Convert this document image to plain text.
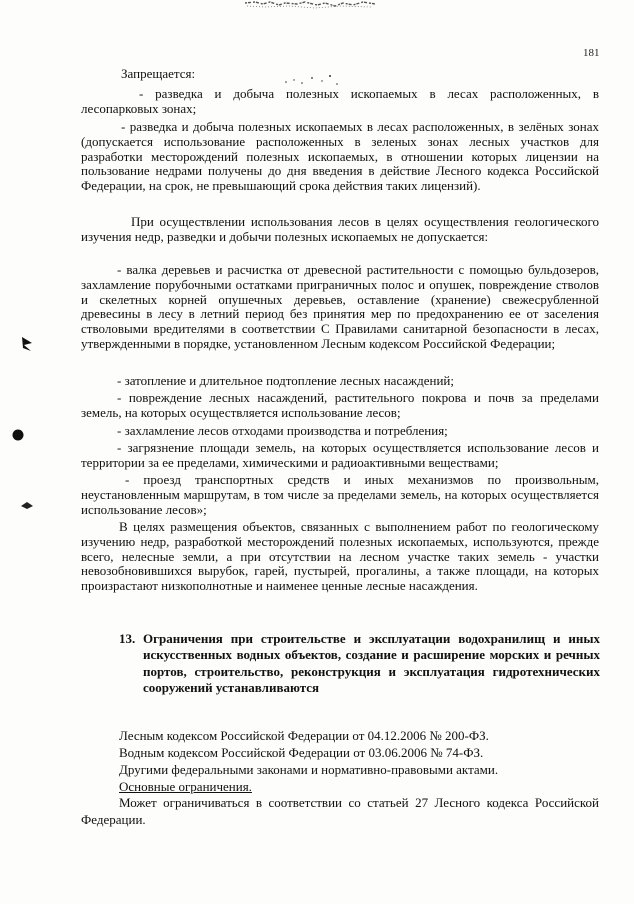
181

Запрещается:

- разведка и добыча полезных ископаемых в лесах расположенных, в лесопарковых зонах;

- разведка и добыча полезных ископаемых в лесах расположенных, в зелёных зонах (допускается использование расположенных в зеленых зонах лесных участков для разработки месторождений полезных ископаемых, в отношении которых лицензии на пользование недрами получены до дня введения в действие Лесного кодекса Российской Федерации, на срок, не превышающий срока действия таких лицензий).

При осуществлении использования лесов в целях осуществления геологического изучения недр, разведки и добычи полезных ископаемых не допускается:

- валка деревьев и расчистка от древесной растительности с помощью бульдозеров, захламление порубочными остатками приграничных полос и опушек, повреждение стволов и скелетных корней опушечных деревьев, оставление (хранение) свежесрубленной древесины в лесу в летний период без принятия мер по предохранению ее от заселения стволовыми вредителями в соответствии С Правилами санитарной безопасности в лесах, утвержденными в порядке, установленном Лесным кодексом Российской Федерации;

- затопление и длительное подтопление лесных насаждений;

- повреждение лесных насаждений, растительного покрова и почв за пределами земель, на которых осуществляется использование лесов;

- захламление лесов отходами производства и потребления;

- загрязнение площади земель, на которых осуществляется использование лесов и территории за ее пределами, химическими и радиоактивными веществами;

- проезд транспортных средств и иных механизмов по произвольным, неустановленным маршрутам, в том числе за пределами земель, на которых осуществляется использование лесов»;

В целях размещения объектов, связанных с выполнением работ по геологическому изучению недр, разработкой месторождений полезных ископаемых, используются, прежде всего, нелесные земли, а при отсутствии на лесном участке таких земель - участки невозобновившихся вырубок, гарей, пустырей, прогалины, а также площади, на которых произрастают низкополнотные и наименее ценные лесные насаждения.

13. Ограничения при строительстве и эксплуатации водохранилищ и иных искусственных водных объектов, создание и расширение морских и речных портов, строительство, реконструкция и эксплуатация гидротехнических сооружений устанавливаются

Лесным кодексом Российской Федерации от 04.12.2006 № 200-ФЗ.

Водным кодексом Российской Федерации от 03.06.2006 № 74-ФЗ.

Другими федеральными законами и нормативно-правовыми актами.

Основные ограничения.

Может ограничиваться в соответствии со статьей 27 Лесного кодекса Российской Федерации.
